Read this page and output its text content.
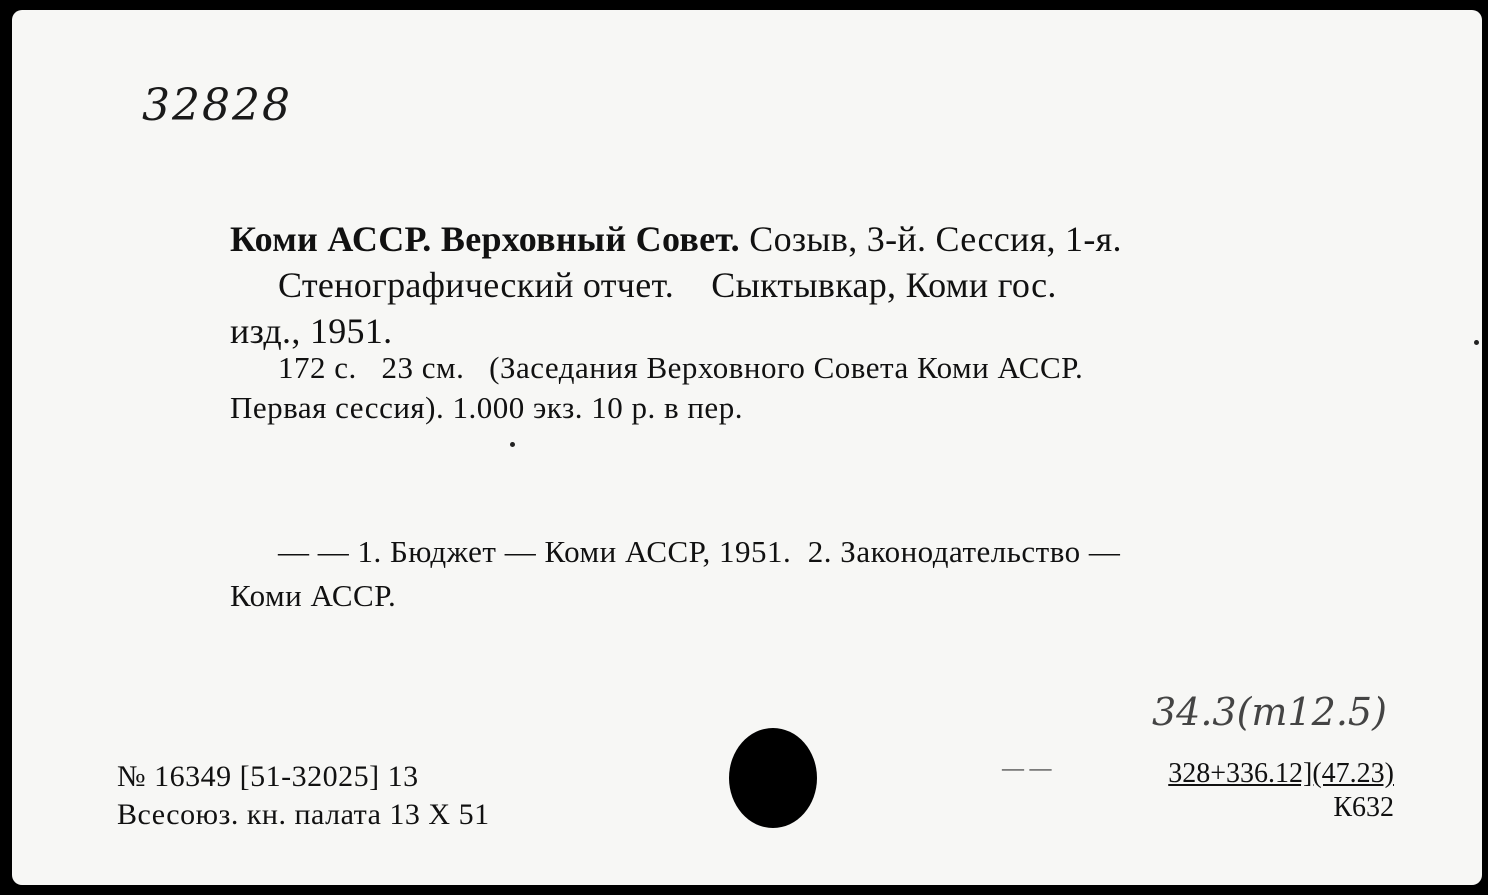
32828
Коми АССР. Верховный Совет. Созыв, 3-й. Сессия, 1-я.
Стенографический отчет.    Сыктывкар, Коми гос.
изд., 1951.
172 с.   23 см.   (Заседания Верховного Совета Коми АССР.
Первая сессия). 1.000 экз. 10 р. в пер.
— — 1. Бюджет — Коми АССР, 1951.  2. Законодательство —
Коми АССР.
№ 16349 [51-32025] 13
Всесоюз. кн. палата 13 X 51
34.3(т12.5)
— —	328+336.12](47.23)
К632
